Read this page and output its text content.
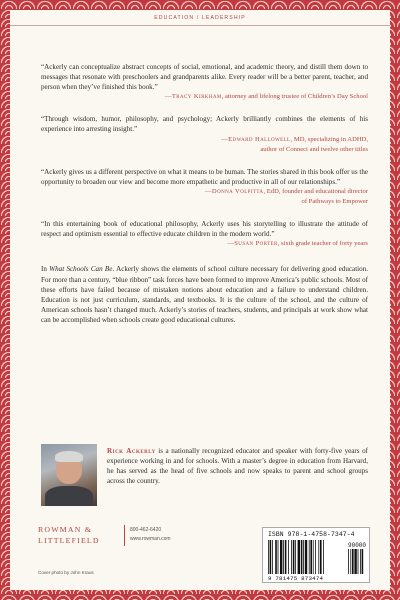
EDUCATION / LEADERSHIP
“Ackerly can conceptualize abstract concepts of social, emotional, and academic theory, and distill them down to messages that resonate with preschoolers and grandparents alike. Every reader will be a better parent, teacher, and person when they’ve finished this book.”
—Tracy Kirkham, attorney and lifelong trustee of Children’s Day School
“Through wisdom, humor, philosophy, and psychology; Ackerly brilliantly combines the elements of his experience into arresting insight.”
—Edward Hallowell, MD, specializing in ADHD,
author of Connect and twelve other titles
“Ackerly gives us a different perspective on what it means to be human. The stories shared in this book offer us the opportunity to broaden our view and become more empathetic and productive in all of our relationships.”
—Donna Volpitta, EdD, founder and educational director
of Pathways to Empower
“In this entertaining book of educational philosophy, Ackerly uses his storytelling to illustrate the attitude of respect and optimism essential to effective educate children in the modern world.”
—Susan Porter, sixth grade teacher of forty years
In What Schools Can Be. Ackerly shows the elements of school culture necessary for delivering good education. For more than a century, “blue ribbon” task forces have been formed to improve America’s public schools. Most of these efforts have failed because of mistaken notions about education and a failure to understand children. Education is not just curriculum, standards, and textbooks. It is the culture of the school, and the culture of American schools hasn’t changed much. Ackerly’s stories of teachers, students, and principals at work show what can be accomplished when schools create good educational cultures.
Rick Ackerly is a nationally recognized educator and speaker with forty-five years of experience working in and for schools. With a master’s degree in education from Harvard, he has served as the head of five schools and now speaks to parent and school groups across the country.
ROWMAN &
LITTLEFIELD
800-462-6420
www.rowman.com
Cover photo by John Kraus
ISBN 978-1-4758-7347-4
90000
9 781475 873474
